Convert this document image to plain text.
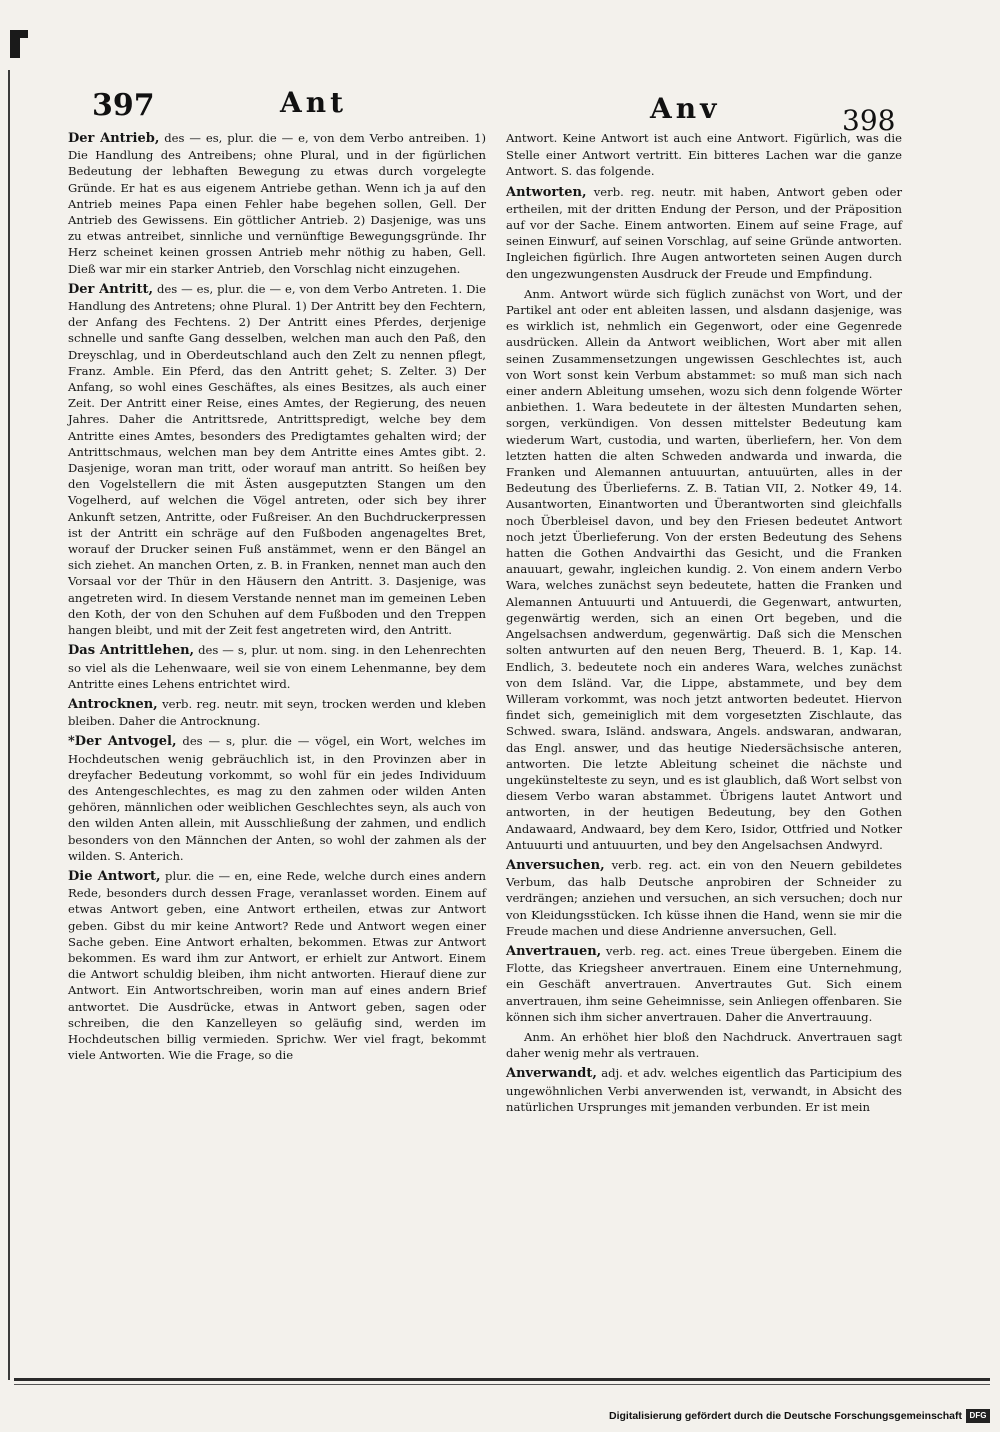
397	Ant	Anv	398

Der Antrieb, des — es, plur. die — e, von dem Verbo antreiben. 1) Die Handlung des Antreibens; ohne Plural, und in der figürlichen Bedeutung der lebhaften Bewegung zu etwas durch vorgelegte Gründe. Er hat es aus eigenem Antriebe gethan. Wenn ich ja auf den Antrieb meines Papa einen Fehler habe begehen sollen, Gell. Der Antrieb des Gewissens. Ein göttlicher Antrieb. 2) Dasjenige, was uns zu etwas antreibet, sinnliche und vernünftige Bewegungsgründe. Ihr Herz scheinet keinen grossen Antrieb mehr nöthig zu haben, Gell. Dieß war mir ein starker Antrieb, den Vorschlag nicht einzugehen.

Der Antritt, des — es, plur. die — e, von dem Verbo Antreten. 1. Die Handlung des Antretens; ohne Plural. 1) Der Antritt bey den Fechtern, der Anfang des Fechtens. 2) Der Antritt eines Pferdes, derjenige schnelle und sanfte Gang desselben, welchen man auch den Paß, den Dreyschlag, und in Oberdeutschland auch den Zelt zu nennen pflegt, Franz. Amble. Ein Pferd, das den Antritt gehet; S. Zelter. 3) Der Anfang, so wohl eines Geschäftes, als eines Besitzes, als auch einer Zeit. Der Antritt einer Reise, eines Amtes, der Regierung, des neuen Jahres. Daher die Antrittsrede, Antrittspredigt, welche bey dem Antritte eines Amtes, besonders des Predigtamtes gehalten wird; der Antrittschmaus, welchen man bey dem Antritte eines Amtes gibt. 2. Dasjenige, woran man tritt, oder worauf man antritt. So heißen bey den Vogelstellern die mit Ästen ausgeputzten Stangen um den Vogelherd, auf welchen die Vögel antreten, oder sich bey ihrer Ankunft setzen, Antritte, oder Fußreiser. An den Buchdruckerpressen ist der Antritt ein schräge auf den Fußboden angenageltes Bret, worauf der Drucker seinen Fuß anstämmet, wenn er den Bängel an sich ziehet. An manchen Orten, z. B. in Franken, nennet man auch den Vorsaal vor der Thür in den Häusern den Antritt. 3. Dasjenige, was angetreten wird. In diesem Verstande nennet man im gemeinen Leben den Koth, der von den Schuhen auf dem Fußboden und den Treppen hangen bleibt, und mit der Zeit fest angetreten wird, den Antritt.

Das Antrittlehen, des — s, plur. ut nom. sing. in den Lehenrechten so viel als die Lehenwaare, weil sie von einem Lehenmanne, bey dem Antritte eines Lehens entrichtet wird.

Antrocknen, verb. reg. neutr. mit seyn, trocken werden und kleben bleiben. Daher die Antrocknung.

*Der Antvogel, des — s, plur. die — vögel, ein Wort, welches im Hochdeutschen wenig gebräuchlich ist, in den Provinzen aber in dreyfacher Bedeutung vorkommt, so wohl für ein jedes Individuum des Antengeschlechtes, es mag zu den zahmen oder wilden Anten gehören, männlichen oder weiblichen Geschlechtes seyn, als auch von den wilden Anten allein, mit Ausschließung der zahmen, und endlich besonders von den Männchen der Anten, so wohl der zahmen als der wilden. S. Anterich.

Die Antwort, plur. die — en, eine Rede, welche durch eines andern Rede, besonders durch dessen Frage, veranlasset worden. Einem auf etwas Antwort geben, eine Antwort ertheilen, etwas zur Antwort geben. Gibst du mir keine Antwort? Rede und Antwort wegen einer Sache geben. Eine Antwort erhalten, bekommen. Etwas zur Antwort bekommen. Es ward ihm zur Antwort, er erhielt zur Antwort. Einem die Antwort schuldig bleiben, ihm nicht antworten. Hierauf diene zur Antwort. Ein Antwortschreiben, worin man auf eines andern Brief antwortet. Die Ausdrücke, etwas in Antwort geben, sagen oder schreiben, die den Kanzelleyen so geläufig sind, werden im Hochdeutschen billig vermieden. Sprichw. Wer viel fragt, bekommt viele Antworten. Wie die Frage, so die

Antwort. Keine Antwort ist auch eine Antwort. Figürlich, was die Stelle einer Antwort vertritt. Ein bitteres Lachen war die ganze Antwort. S. das folgende.

Antworten, verb. reg. neutr. mit haben, Antwort geben oder ertheilen, mit der dritten Endung der Person, und der Präposition auf vor der Sache. Einem antworten. Einem auf seine Frage, auf seinen Einwurf, auf seinen Vorschlag, auf seine Gründe antworten. Ingleichen figürlich. Ihre Augen antworteten seinen Augen durch den ungezwungensten Ausdruck der Freude und Empfindung.

Anm. Antwort würde sich füglich zunächst von Wort, und der Partikel ant oder ent ableiten lassen, und alsdann dasjenige, was es wirklich ist, nehmlich ein Gegenwort, oder eine Gegenrede ausdrücken. Allein da Antwort weiblichen, Wort aber mit allen seinen Zusammensetzungen ungewissen Geschlechtes ist, auch von Wort sonst kein Verbum abstammet: so muß man sich nach einer andern Ableitung umsehen, wozu sich denn folgende Wörter anbiethen. 1. Wara bedeutete in der ältesten Mundarten sehen, sorgen, verkündigen. Von dessen mittelster Bedeutung kam wiederum Wart, custodia, und warten, überliefern, her. Von dem letzten hatten die alten Schweden andwarda und inwarda, die Franken und Alemannen antuuurtan, antuuürten, alles in der Bedeutung des Überlieferns. Z. B. Tatian VII, 2. Notker 49, 14. Ausantworten, Einantworten und Überantworten sind gleichfalls noch Überbleisel davon, und bey den Friesen bedeutet Antwort noch jetzt Überlieferung. Von der ersten Bedeutung des Sehens hatten die Gothen Andvairthi das Gesicht, und die Franken anauuart, gewahr, ingleichen kundig. 2. Von einem andern Verbo Wara, welches zunächst seyn bedeutete, hatten die Franken und Alemannen Antuuurti und Antuuerdi, die Gegenwart, antwurten, gegenwärtig werden, sich an einen Ort begeben, und die Angelsachsen andwerdum, gegenwärtig. Daß sich die Menschen solten antwurten auf den neuen Berg, Theuerd. B. 1, Kap. 14. Endlich, 3. bedeutete noch ein anderes Wara, welches zunächst von dem Isländ. Var, die Lippe, abstammete, und bey dem Willeram vorkommt, was noch jetzt antworten bedeutet. Hiervon findet sich, gemeiniglich mit dem vorgesetzten Zischlaute, das Schwed. swara, Isländ. andswara, Angels. andswaran, andwaran, das Engl. answer, und das heutige Niedersächsische anteren, antworten. Die letzte Ableitung scheinet die nächste und ungekünstelteste zu seyn, und es ist glaublich, daß Wort selbst von diesem Verbo waran abstammet. Übrigens lautet Antwort und antworten, in der heutigen Bedeutung, bey den Gothen Andawaard, Andwaard, bey dem Kero, Isidor, Ottfried und Notker Antuuurti und antuuurten, und bey den Angelsachsen Andwyrd.

Anversuchen, verb. reg. act. ein von den Neuern gebildetes Verbum, das halb Deutsche anprobiren der Schneider zu verdrängen; anziehen und versuchen, an sich versuchen; doch nur von Kleidungsstücken. Ich küsse ihnen die Hand, wenn sie mir die Freude machen und diese Andrienne anversuchen, Gell.

Anvertrauen, verb. reg. act. eines Treue übergeben. Einem die Flotte, das Kriegsheer anvertrauen. Einem eine Unternehmung, ein Geschäft anvertrauen. Anvertrautes Gut. Sich einem anvertrauen, ihm seine Geheimnisse, sein Anliegen offenbaren. Sie können sich ihm sicher anvertrauen. Daher die Anvertrauung.

Anm. An erhöhet hier bloß den Nachdruck. Anvertrauen sagt daher wenig mehr als vertrauen.

Anverwandt, adj. et adv. welches eigentlich das Participium des ungewöhnlichen Verbi anverwenden ist, verwandt, in Absicht des natürlichen Ursprunges mit jemanden verbunden. Er ist mein

Digitalisierung gefördert durch die Deutsche Forschungsgemeinschaft DFG
